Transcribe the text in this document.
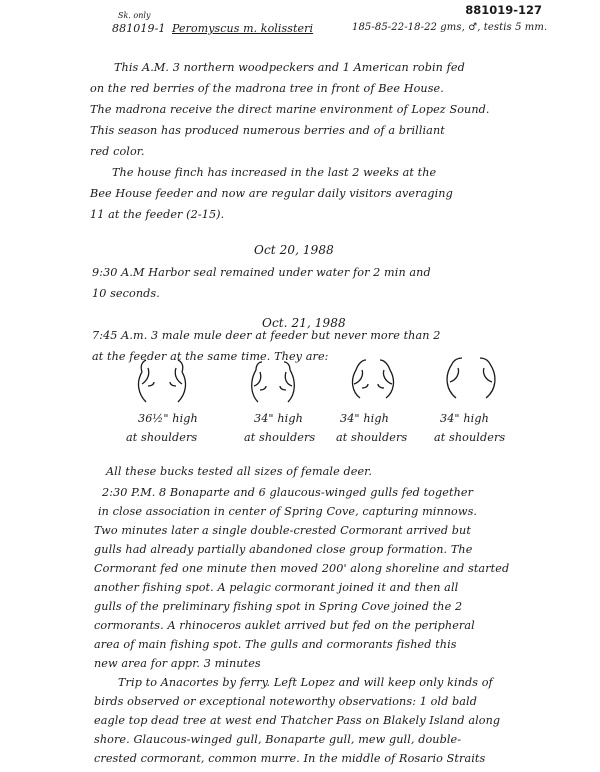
881019-127
Sk. only
881019-1 Peromyscus m. kolissteri	185-85-22-18-22 gms, ♂, testis 5 mm.
This A.M. 3 northern woodpeckers and 1 American robin fed
on the red berries of the madrona tree in front of Bee House.
The madrona receive the direct marine environment of Lopez Sound.
This season has produced numerous berries and of a brilliant
red color.
The house finch has increased in the last 2 weeks at the
Bee House feeder and now are regular daily visitors averaging
11 at the feeder (2-15).
Oct 20, 1988
9:30 A.M Harbor seal remained under water for 2 min and
10 seconds.
Oct. 21, 1988
7:45 A.m. 3 male mule deer at feeder but never more than 2
at the feeder at the same time. They are:
36½" high
at shoulders
34" high
at shoulders
34" high
at shoulders
34" high
at shoulders
All these bucks tested all sizes of female deer.
2:30 P.M. 8 Bonaparte and 6 glaucous-winged gulls fed together
in close association in center of Spring Cove, capturing minnows.
Two minutes later a single double-crested Cormorant arrived but
gulls had already partially abandoned close group formation. The
Cormorant fed one minute then moved 200' along shoreline and started
another fishing spot. A pelagic cormorant joined it and then all
gulls of the preliminary fishing spot in Spring Cove joined the 2
cormorants. A rhinoceros auklet arrived but fed on the peripheral
area of main fishing spot. The gulls and cormorants fished this
new area for appr. 3 minutes
Trip to Anacortes by ferry. Left Lopez and will keep only kinds of
birds observed or exceptional noteworthy observations: 1 old bald
eagle top dead tree at west end Thatcher Pass on Blakely Island along
shore. Glaucous-winged gull, Bonaparte gull, mew gull, double-
crested cormorant, common murre. In the middle of Rosario Straits
